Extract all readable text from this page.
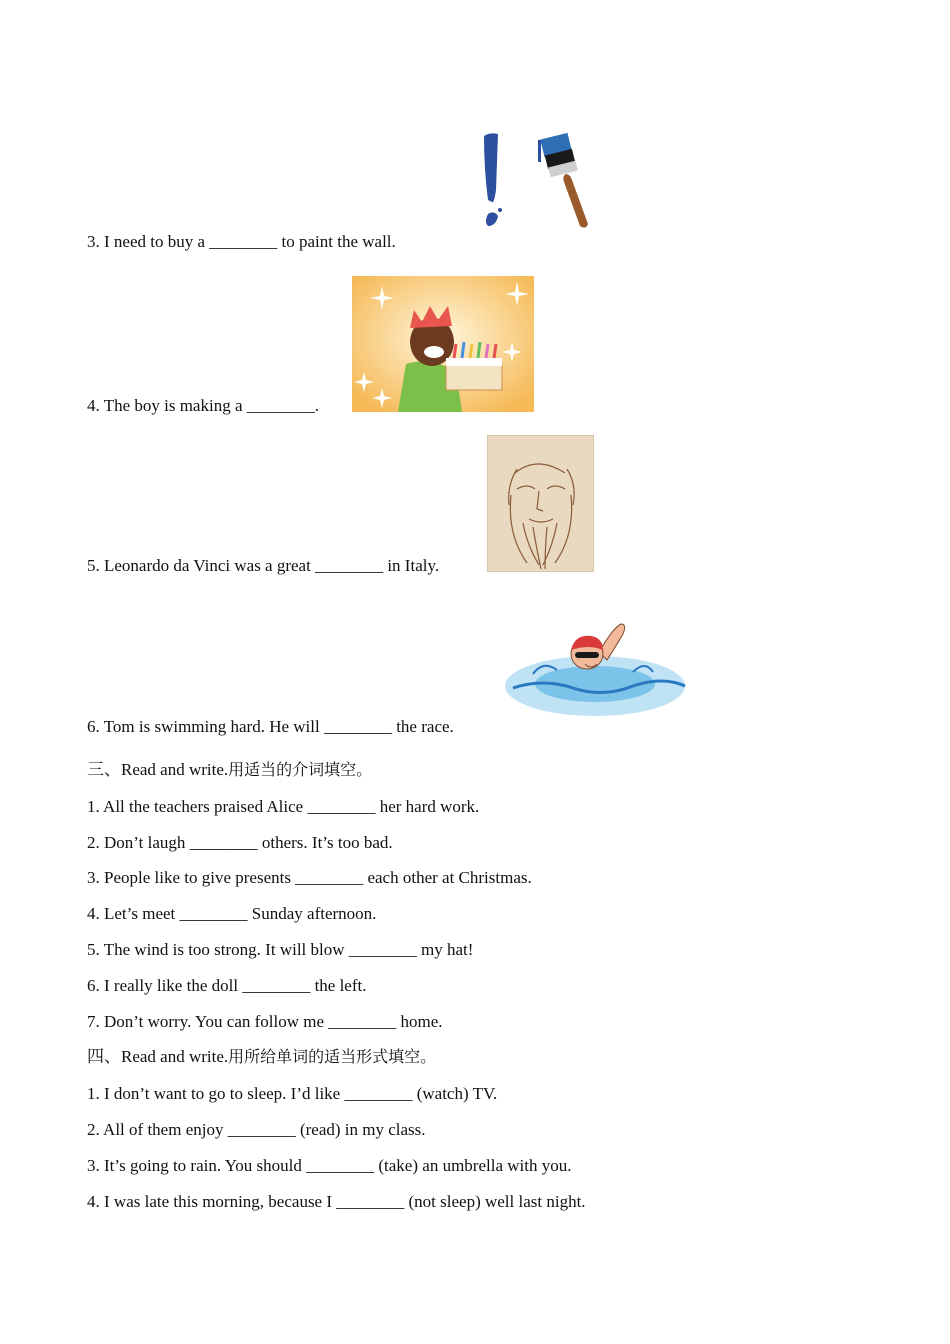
3. I need to buy a ________ to paint the wall.
4. The boy is making a ________.
5. Leonardo da Vinci was a great ________ in Italy.
6. Tom is swimming hard. He will ________ the race.
三、Read and write.用适当的介词填空。
1. All the teachers praised Alice ________ her hard work.
2. Don’t laugh ________ others. It’s too bad.
3. People like to give presents ________ each other at Christmas.
4. Let’s meet ________ Sunday afternoon.
5. The wind is too strong. It will blow ________ my hat!
6. I really like the doll ________ the left.
7. Don’t worry. You can follow me ________ home.
四、Read and write.用所给单词的适当形式填空。
1. I don’t want to go to sleep. I’d like ________ (watch) TV.
2. All of them enjoy ________ (read) in my class.
3. It’s going to rain. You should ________ (take) an umbrella with you.
4. I was late this morning, because I ________ (not sleep) well last night.
